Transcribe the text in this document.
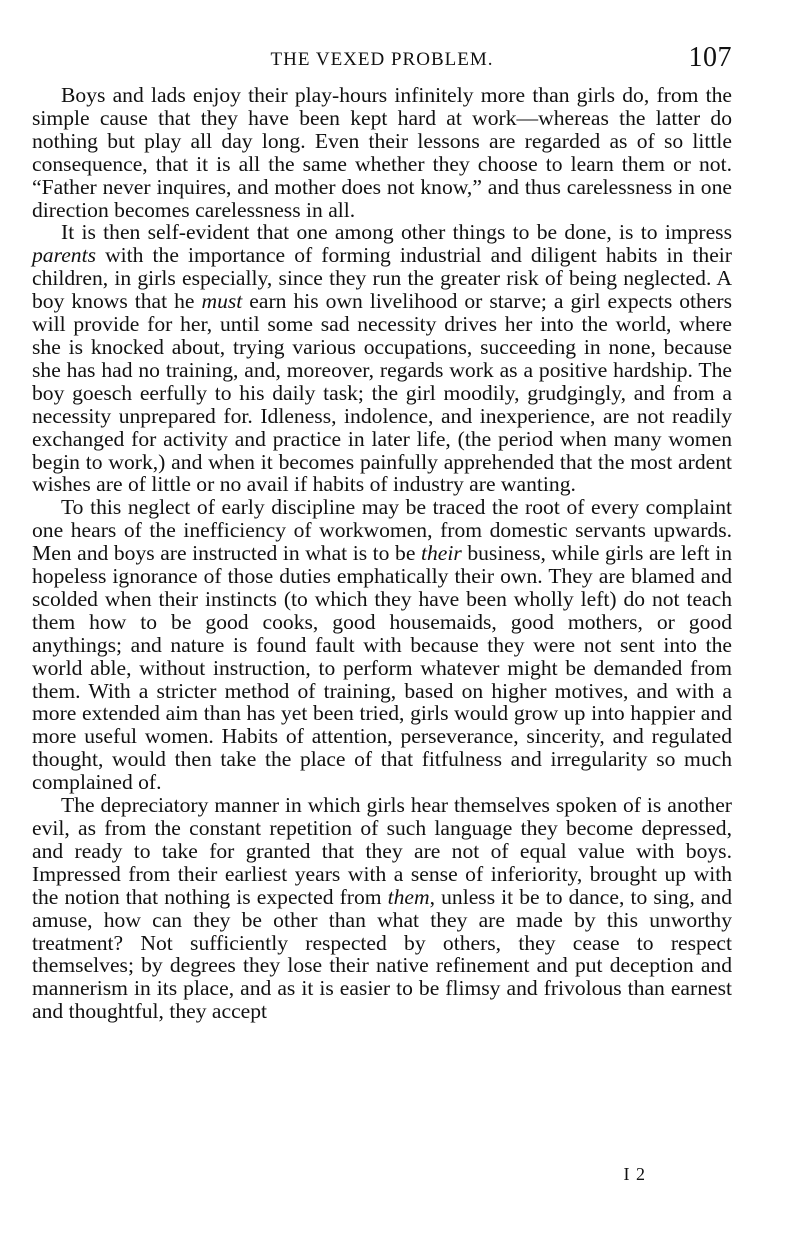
THE VEXED PROBLEM.	107

Boys and lads enjoy their play-hours infinitely more than girls do, from the simple cause that they have been kept hard at work—whereas the latter do nothing but play all day long. Even their lessons are regarded as of so little consequence, that it is all the same whether they choose to learn them or not. “Father never inquires, and mother does not know,” and thus carelessness in one direction becomes carelessness in all.

It is then self-evident that one among other things to be done, is to impress parents with the importance of forming industrial and diligent habits in their children, in girls especially, since they run the greater risk of being neglected. A boy knows that he must earn his own livelihood or starve; a girl expects others will provide for her, until some sad necessity drives her into the world, where she is knocked about, trying various occupations, succeeding in none, because she has had no training, and, moreover, regards work as a positive hardship. The boy goesch eerfully to his daily task; the girl moodily, grudgingly, and from a necessity unprepared for. Idleness, indolence, and inexperience, are not readily exchanged for activity and practice in later life, (the period when many women begin to work,) and when it becomes painfully apprehended that the most ardent wishes are of little or no avail if habits of industry are wanting.

To this neglect of early discipline may be traced the root of every complaint one hears of the inefficiency of workwomen, from domestic servants upwards. Men and boys are instructed in what is to be their business, while girls are left in hopeless ignorance of those duties emphatically their own. They are blamed and scolded when their instincts (to which they have been wholly left) do not teach them how to be good cooks, good housemaids, good mothers, or good anythings; and nature is found fault with because they were not sent into the world able, without instruction, to perform whatever might be demanded from them. With a stricter method of training, based on higher motives, and with a more extended aim than has yet been tried, girls would grow up into happier and more useful women. Habits of attention, perseverance, sincerity, and regulated thought, would then take the place of that fitfulness and irregularity so much complained of.

The depreciatory manner in which girls hear themselves spoken of is another evil, as from the constant repetition of such language they become depressed, and ready to take for granted that they are not of equal value with boys. Impressed from their earliest years with a sense of inferiority, brought up with the notion that nothing is expected from them, unless it be to dance, to sing, and amuse, how can they be other than what they are made by this unworthy treatment? Not sufficiently respected by others, they cease to respect themselves; by degrees they lose their native refinement and put deception and mannerism in its place, and as it is easier to be flimsy and frivolous than earnest and thoughtful, they accept

I 2
